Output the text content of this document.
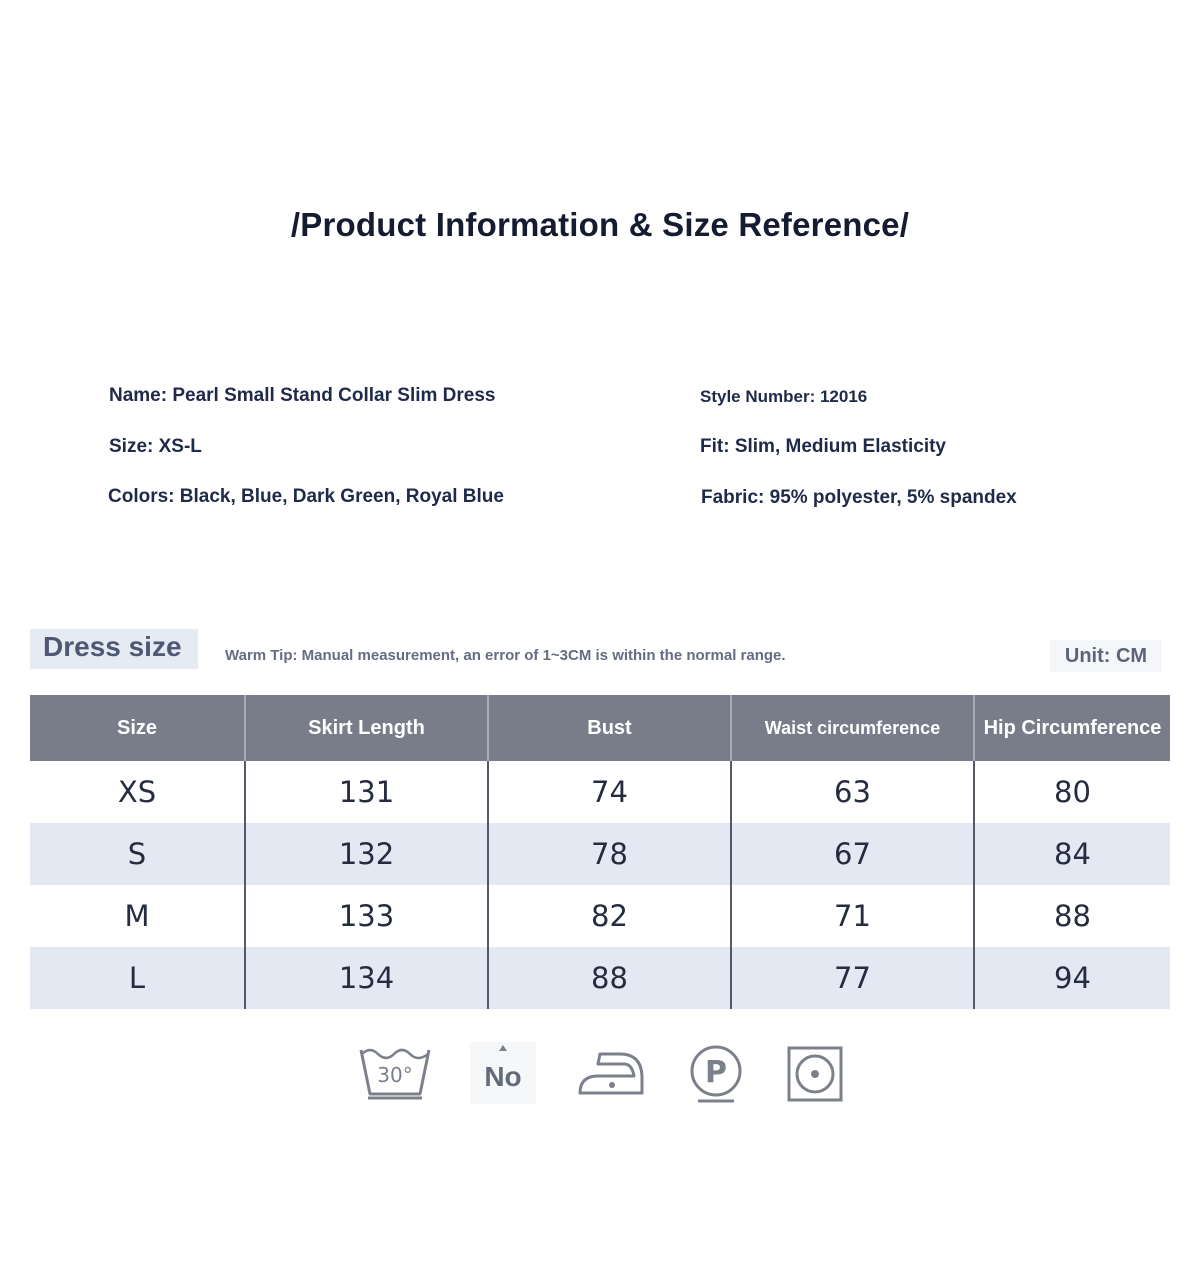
/Product Information & Size Reference/
Name: Pearl Small Stand Collar Slim Dress
Size: XS-L
Colors: Black, Blue, Dark Green, Royal Blue
Style Number: 12016
Fit: Slim, Medium Elasticity
Fabric: 95% polyester, 5% spandex
Dress size	Warm Tip: Manual measurement, an error of 1~3CM is within the normal range.	Unit: CM
Size	Skirt Length	Bust	Waist circumference	Hip Circumference
XS	131	74	63	80
S	132	78	67	84
M	133	82	71	88
L	134	88	77	94
30°	No	P
